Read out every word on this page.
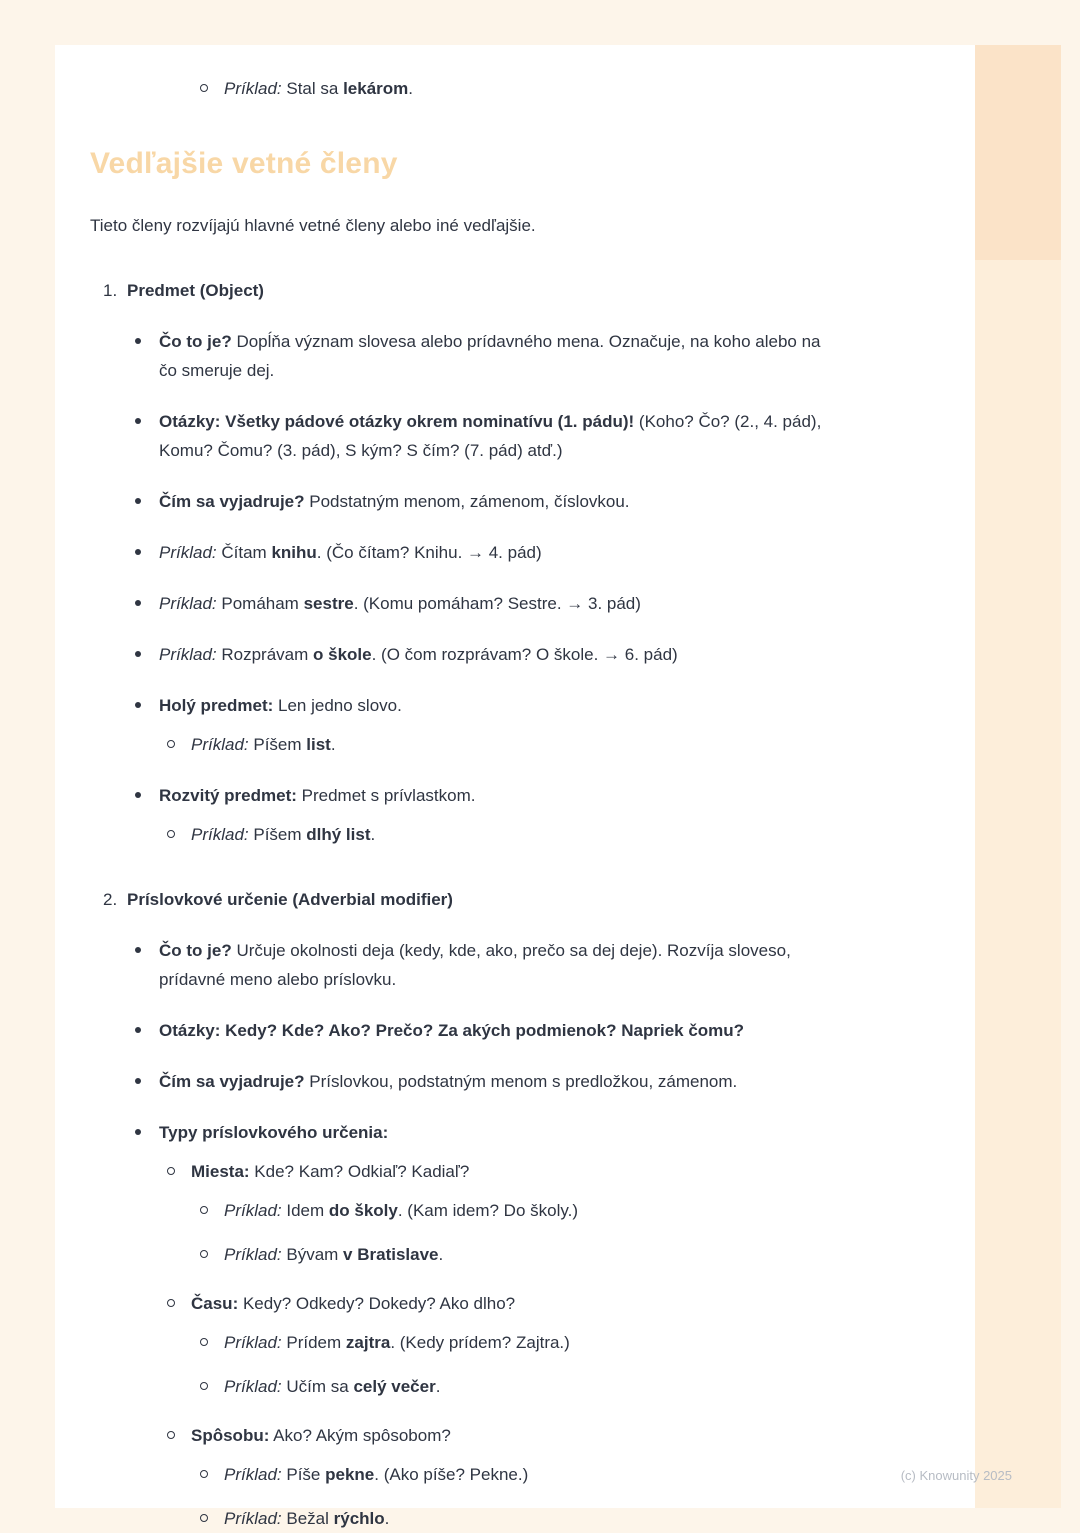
Príklad: Stal sa lekárom.
Vedľajšie vetné členy
Tieto členy rozvíjajú hlavné vetné členy alebo iné vedľajšie.
1. Predmet (Object)
Čo to je? Dopĺňa význam slovesa alebo prídavného mena. Označuje, na koho alebo na čo smeruje dej.
Otázky: Všetky pádové otázky okrem nominatívu (1. pádu)! (Koho? Čo? (2., 4. pád), Komu? Čomu? (3. pád), S kým? S čím? (7. pád) atď.)
Čím sa vyjadruje? Podstatným menom, zámenom, číslovkou.
Príklad: Čítam knihu. (Čo čítam? Knihu. → 4. pád)
Príklad: Pomáham sestre. (Komu pomáham? Sestre. → 3. pád)
Príklad: Rozprávam o škole. (O čom rozprávam? O škole. → 6. pád)
Holý predmet: Len jedno slovo.
Príklad: Píšem list.
Rozvitý predmet: Predmet s prívlastkom.
Príklad: Píšem dlhý list.
2. Príslovkové určenie (Adverbial modifier)
Čo to je? Určuje okolnosti deja (kedy, kde, ako, prečo sa dej deje). Rozvíja sloveso, prídavné meno alebo príslovku.
Otázky: Kedy? Kde? Ako? Prečo? Za akých podmienok? Napriek čomu?
Čím sa vyjadruje? Príslovkou, podstatným menom s predložkou, zámenom.
Typy príslovkového určenia:
Miesta: Kde? Kam? Odkiaľ? Kadiaľ?
Príklad: Idem do školy. (Kam idem? Do školy.)
Príklad: Bývam v Bratislave.
Času: Kedy? Odkedy? Dokedy? Ako dlho?
Príklad: Prídem zajtra. (Kedy prídem? Zajtra.)
Príklad: Učím sa celý večer.
Spôsobu: Ako? Akým spôsobom?
Príklad: Píše pekne. (Ako píše? Pekne.)
Príklad: Bežal rýchlo.
(c) Knowunity 2025
